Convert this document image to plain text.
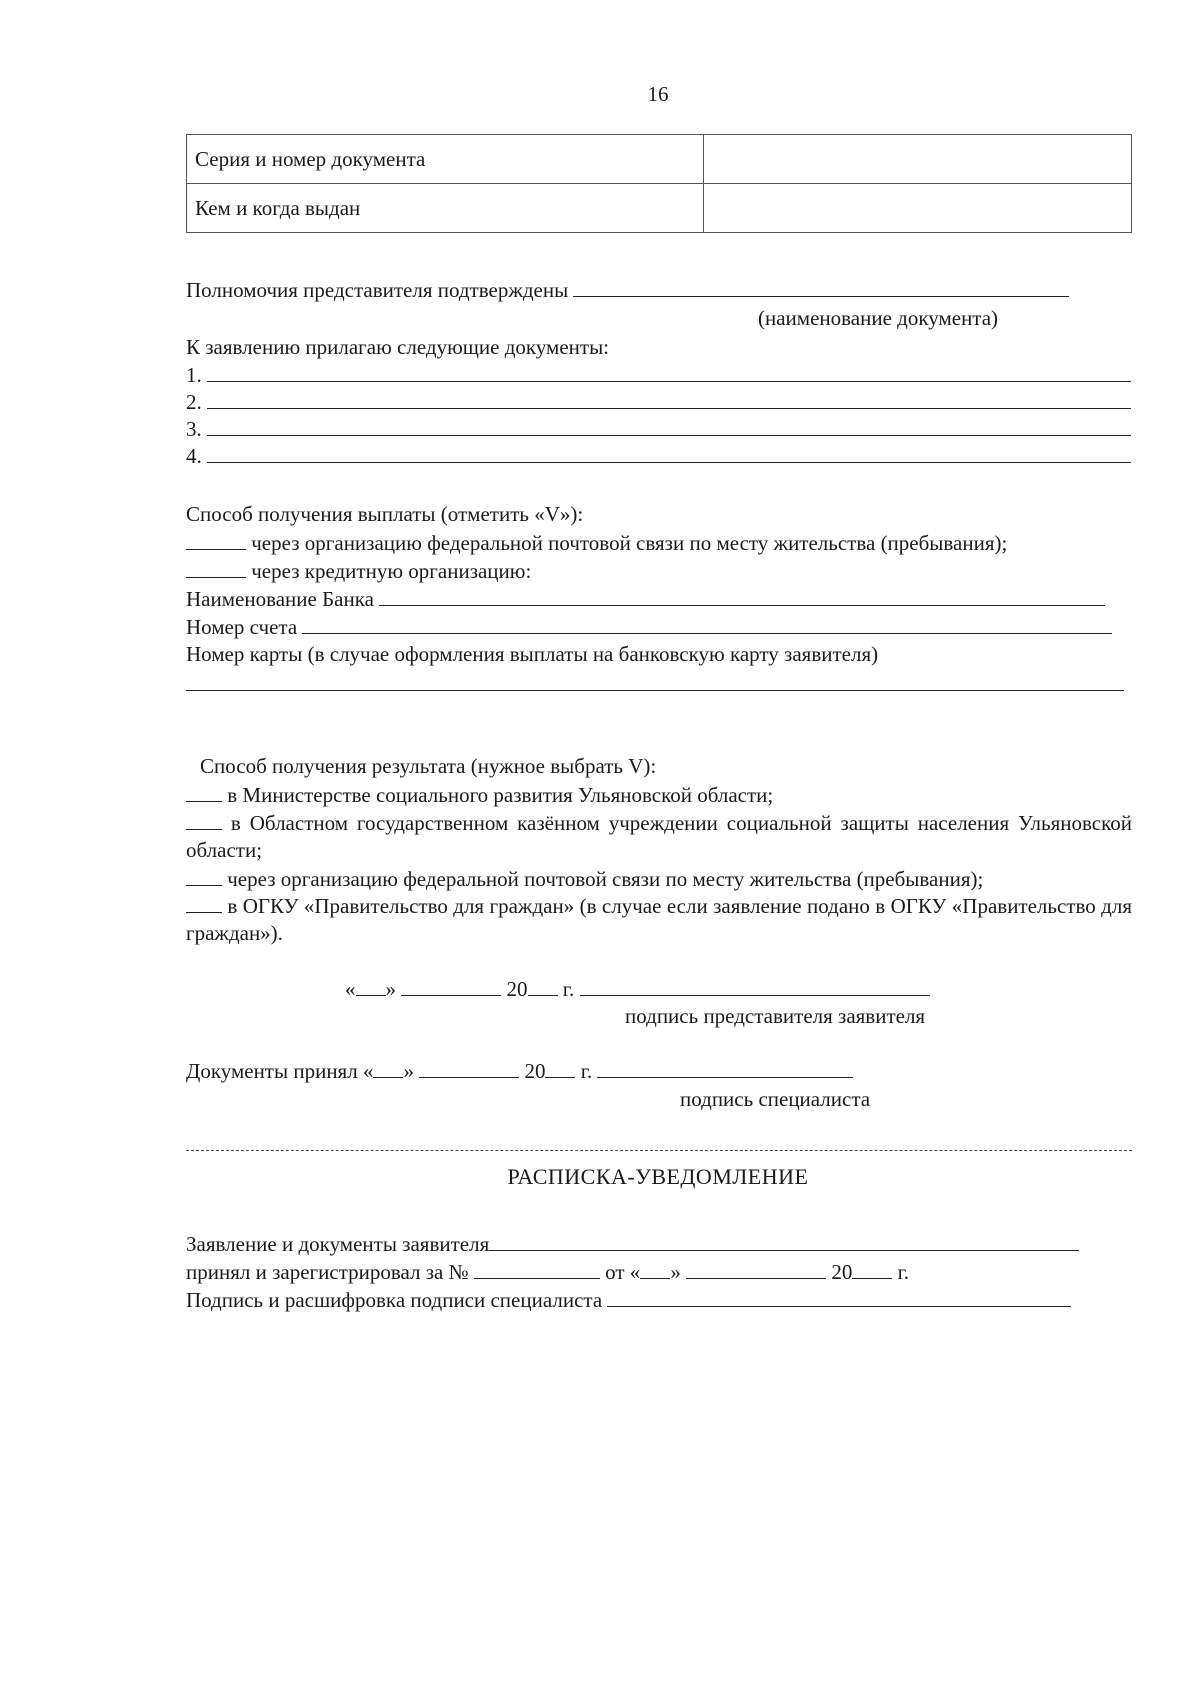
16
Серия и номер документа	
Кем и когда выдан	
Полномочия представителя подтверждены
(наименование документа)
К заявлению прилагаю следующие документы:
1.
2.
3.
4.
Способ получения выплаты (отметить «V»):
через организацию федеральной почтовой связи по месту жительства (пребывания);
через кредитную организацию:
Наименование Банка
Номер счета
Номер карты (в случае оформления выплаты на банковскую карту заявителя)
Способ получения результата (нужное выбрать V):
в Министерстве социального развития Ульяновской области;
в Областном государственном казённом учреждении социальной защиты населения Ульяновской области;
через организацию федеральной почтовой связи по месту жительства (пребывания);
в ОГКУ «Правительство для граждан» (в случае если заявление подано в ОГКУ «Правительство для граждан»).
« »	20 г.
подпись представителя заявителя
Документы принял « »	20 г.
подпись специалиста
РАСПИСКА-УВЕДОМЛЕНИЕ
Заявление и документы заявителя
принял и зарегистрировал за №	от « »	20 г.
Подпись и расшифровка подписи специалиста
